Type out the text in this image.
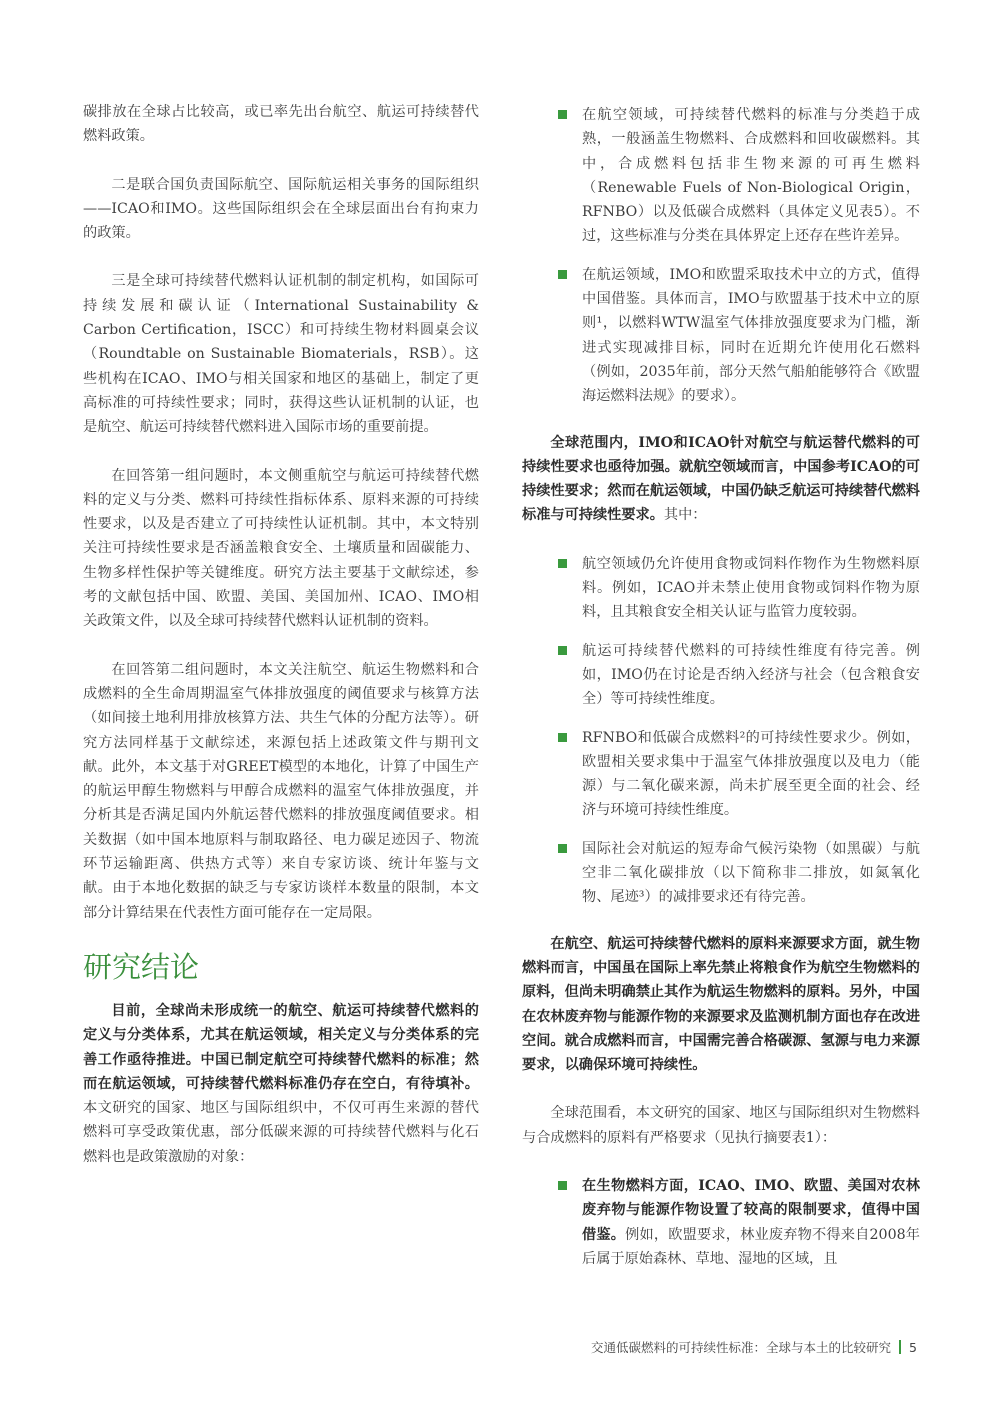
碳排放在全球占比较高，或已率先出台航空、航运可持续替代燃料政策。

二是联合国负责国际航空、国际航运相关事务的国际组织——ICAO和IMO。这些国际组织会在全球层面出台有拘束力的政策。

三是全球可持续替代燃料认证机制的制定机构，如国际可持续发展和碳认证（International Sustainability & Carbon Certification，ISCC）和可持续生物材料圆桌会议（Roundtable on Sustainable Biomaterials，RSB）。这些机构在ICAO、IMO与相关国家和地区的基础上，制定了更高标准的可持续性要求；同时，获得这些认证机制的认证，也是航空、航运可持续替代燃料进入国际市场的重要前提。

在回答第一组问题时，本文侧重航空与航运可持续替代燃料的定义与分类、燃料可持续性指标体系、原料来源的可持续性要求，以及是否建立了可持续性认证机制。其中，本文特别关注可持续性要求是否涵盖粮食安全、土壤质量和固碳能力、生物多样性保护等关键维度。研究方法主要基于文献综述，参考的文献包括中国、欧盟、美国、美国加州、ICAO、IMO相关政策文件，以及全球可持续替代燃料认证机制的资料。

在回答第二组问题时，本文关注航空、航运生物燃料和合成燃料的全生命周期温室气体排放强度的阈值要求与核算方法（如间接土地利用排放核算方法、共生气体的分配方法等）。研究方法同样基于文献综述，来源包括上述政策文件与期刊文献。此外，本文基于对GREET模型的本地化，计算了中国生产的航运甲醇生物燃料与甲醇合成燃料的温室气体排放强度，并分析其是否满足国内外航运替代燃料的排放强度阈值要求。相关数据（如中国本地原料与制取路径、电力碳足迹因子、物流环节运输距离、供热方式等）来自专家访谈、统计年鉴与文献。由于本地化数据的缺乏与专家访谈样本数量的限制，本文部分计算结果在代表性方面可能存在一定局限。

研究结论

目前，全球尚未形成统一的航空、航运可持续替代燃料的定义与分类体系，尤其在航运领域，相关定义与分类体系的完善工作亟待推进。中国已制定航空可持续替代燃料的标准；然而在航运领域，可持续替代燃料标准仍存在空白，有待填补。本文研究的国家、地区与国际组织中，不仅可再生来源的替代燃料可享受政策优惠，部分低碳来源的可持续替代燃料与化石燃料也是政策激励的对象：

在航空领域，可持续替代燃料的标准与分类趋于成熟，一般涵盖生物燃料、合成燃料和回收碳燃料。其中，合成燃料包括非生物来源的可再生燃料（Renewable Fuels of Non-Biological Origin，RFNBO）以及低碳合成燃料（具体定义见表5）。不过，这些标准与分类在具体界定上还存在些许差异。
在航运领域，IMO和欧盟采取技术中立的方式，值得中国借鉴。具体而言，IMO与欧盟基于技术中立的原则¹，以燃料WTW温室气体排放强度要求为门槛，渐进式实现减排目标，同时在近期允许使用化石燃料（例如，2035年前，部分天然气船舶能够符合《欧盟海运燃料法规》的要求）。

全球范围内，IMO和ICAO针对航空与航运替代燃料的可持续性要求也亟待加强。就航空领域而言，中国参考ICAO的可持续性要求；然而在航运领域，中国仍缺乏航运可持续替代燃料标准与可持续性要求。其中：

航空领域仍允许使用食物或饲料作物作为生物燃料原料。例如，ICAO并未禁止使用食物或饲料作物为原料，且其粮食安全相关认证与监管力度较弱。
航运可持续替代燃料的可持续性维度有待完善。例如，IMO仍在讨论是否纳入经济与社会（包含粮食安全）等可持续性维度。
RFNBO和低碳合成燃料²的可持续性要求少。例如，欧盟相关要求集中于温室气体排放强度以及电力（能源）与二氧化碳来源，尚未扩展至更全面的社会、经济与环境可持续性维度。
国际社会对航运的短寿命气候污染物（如黑碳）与航空非二氧化碳排放（以下简称非二排放，如氮氧化物、尾迹³）的减排要求还有待完善。

在航空、航运可持续替代燃料的原料来源要求方面，就生物燃料而言，中国虽在国际上率先禁止将粮食作为航空生物燃料的原料，但尚未明确禁止其作为航运生物燃料的原料。另外，中国在农林废弃物与能源作物的来源要求及监测机制方面也存在改进空间。就合成燃料而言，中国需完善合格碳源、氢源与电力来源要求，以确保环境可持续性。

全球范围看，本文研究的国家、地区与国际组织对生物燃料与合成燃料的原料有严格要求（见执行摘要表1）：

在生物燃料方面，ICAO、IMO、欧盟、美国对农林废弃物与能源作物设置了较高的限制要求，值得中国借鉴。例如，欧盟要求，林业废弃物不得来自2008年后属于原始森林、草地、湿地的区域，且
交通低碳燃料的可持续性标准：全球与本土的比较研究 5
